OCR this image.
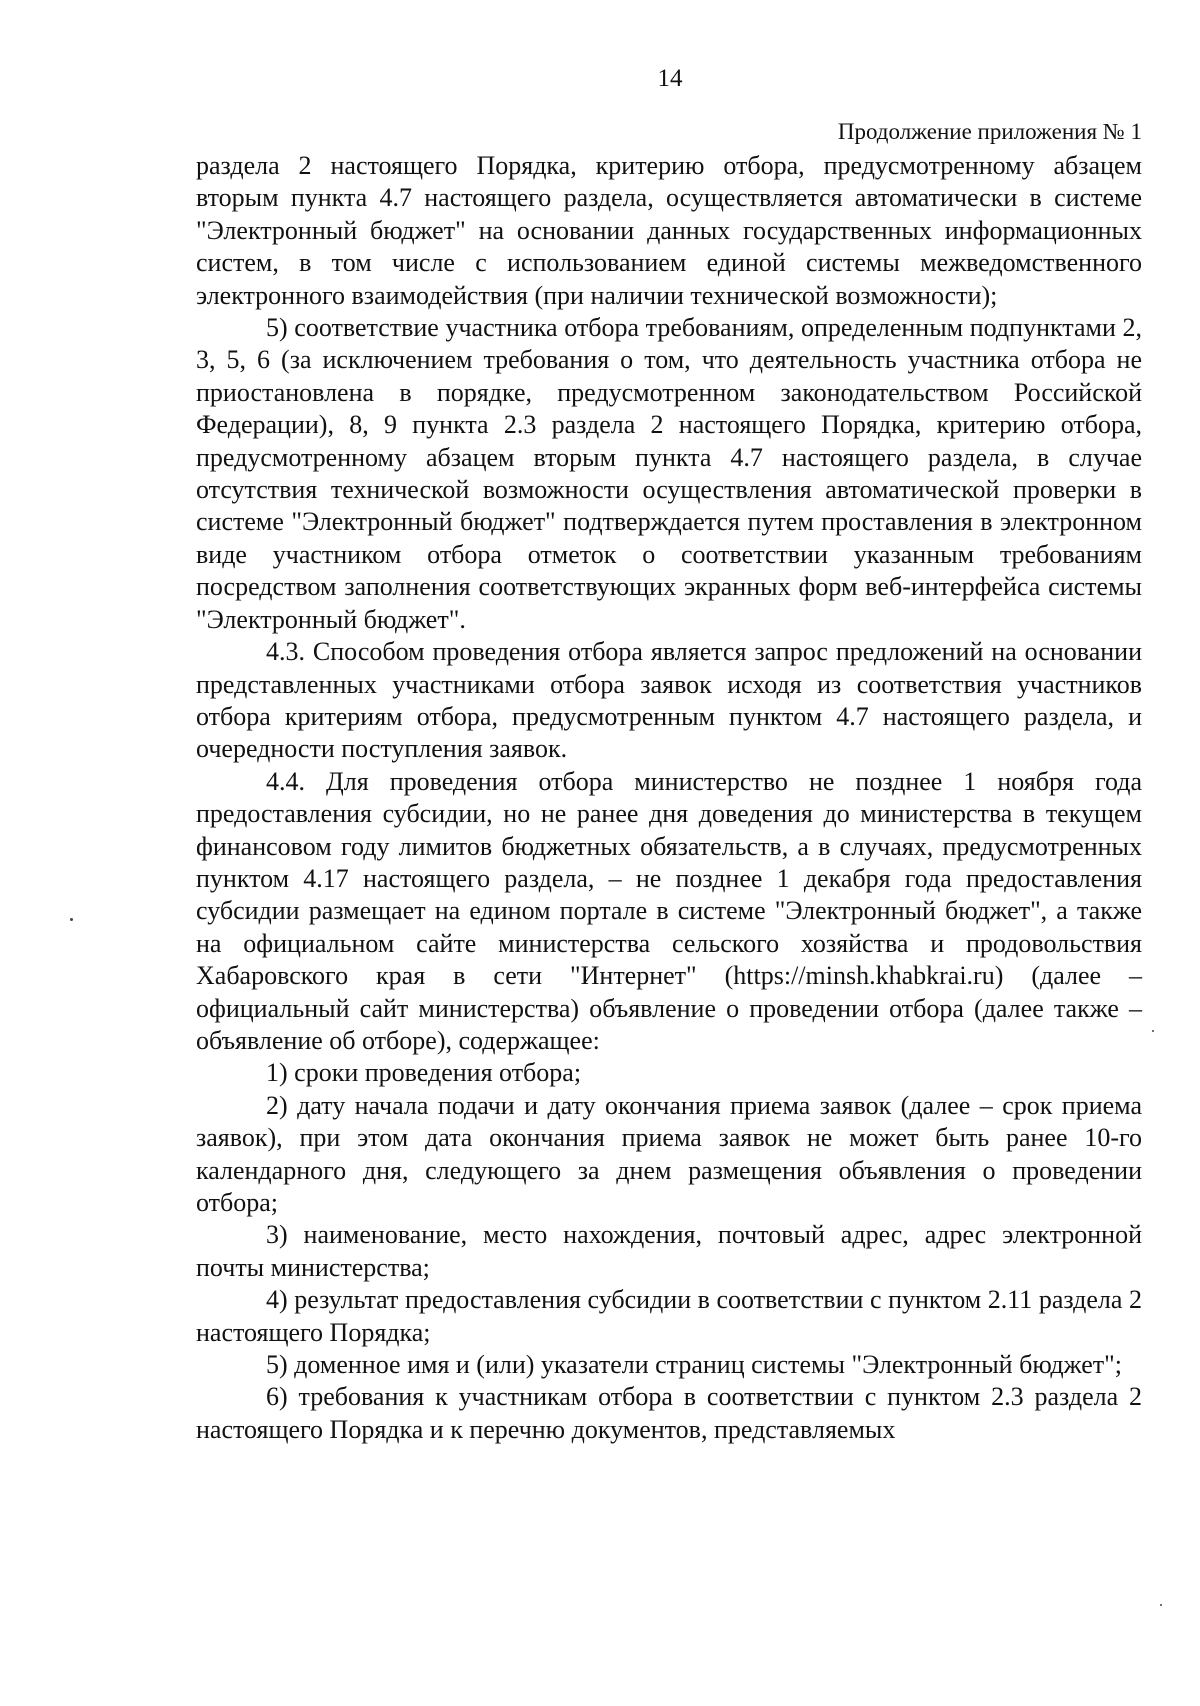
14
Продолжение приложения № 1

раздела 2 настоящего Порядка, критерию отбора, предусмотренному абзацем вторым пункта 4.7 настоящего раздела, осуществляется автоматически в системе "Электронный бюджет" на основании данных государственных информационных систем, в том числе с использованием единой системы межведомственного электронного взаимодействия (при наличии технической возможности);

5) соответствие участника отбора требованиям, определенным подпунктами 2, 3, 5, 6 (за исключением требования о том, что деятельность участника отбора не приостановлена в порядке, предусмотренном законодательством Российской Федерации), 8, 9 пункта 2.3 раздела 2 настоящего Порядка, критерию отбора, предусмотренному абзацем вторым пункта 4.7 настоящего раздела, в случае отсутствия технической возможности осуществления автоматической проверки в системе "Электронный бюджет" подтверждается путем проставления в электронном виде участником отбора отметок о соответствии указанным требованиям посредством заполнения соответствующих экранных форм веб-интерфейса системы "Электронный бюджет".

4.3. Способом проведения отбора является запрос предложений на основании представленных участниками отбора заявок исходя из соответствия участников отбора критериям отбора, предусмотренным пунктом 4.7 настоящего раздела, и очередности поступления заявок.

4.4. Для проведения отбора министерство не позднее 1 ноября года предоставления субсидии, но не ранее дня доведения до министерства в текущем финансовом году лимитов бюджетных обязательств, а в случаях, предусмотренных пунктом 4.17 настоящего раздела, – не позднее 1 декабря года предоставления субсидии размещает на едином портале в системе "Электронный бюджет", а также на официальном сайте министерства сельского хозяйства и продовольствия Хабаровского края в сети "Интернет" (https://minsh.khabkrai.ru) (далее – официальный сайт министерства) объявление о проведении отбора (далее также – объявление об отборе), содержащее:

1) сроки проведения отбора;

2) дату начала подачи и дату окончания приема заявок (далее – срок приема заявок), при этом дата окончания приема заявок не может быть ранее 10-го календарного дня, следующего за днем размещения объявления о проведении отбора;

3) наименование, место нахождения, почтовый адрес, адрес электронной почты министерства;

4) результат предоставления субсидии в соответствии с пунктом 2.11 раздела 2 настоящего Порядка;

5) доменное имя и (или) указатели страниц системы "Электронный бюджет";

6) требования к участникам отбора в соответствии с пунктом 2.3 раздела 2 настоящего Порядка и к перечню документов, представляемых
